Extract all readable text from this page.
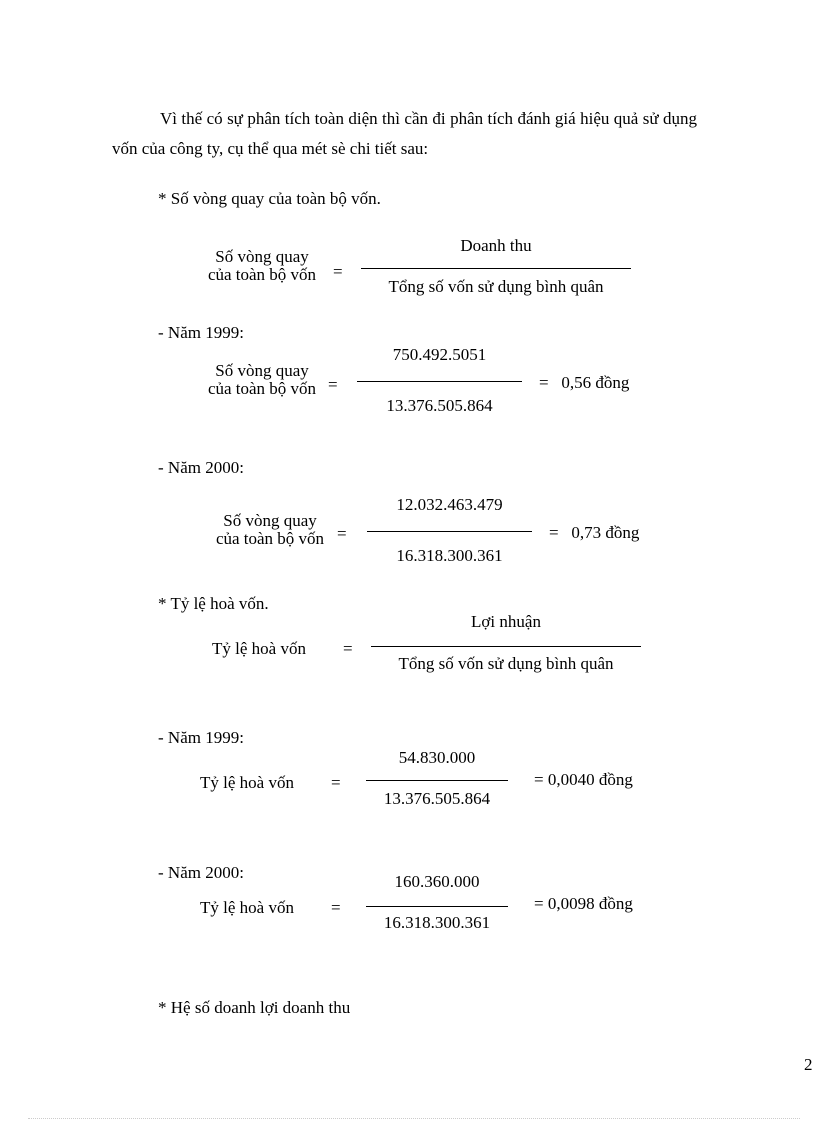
Vì thế có sự phân tích toàn diện thì cần đi phân tích đánh giá hiệu quả sử dụng vốn của công ty, cụ thể qua mét sè chi tiết sau:
* Số vòng quay của toàn bộ vốn.
Số vòng quay
của toàn bộ vốn =
Doanh thu
Tổng số vốn sử dụng bình quân
- Năm 1999:
Số vòng quay
của toàn bộ vốn =
750.492.5051
13.376.505.864
=   0,56 đồng
- Năm 2000:
Số vòng quay
của toàn bộ vốn =
12.032.463.479
16.318.300.361
=   0,73 đồng
* Tỷ lệ hoà vốn.
Tỷ lệ hoà vốn =
Lợi nhuận
Tổng số vốn sử dụng bình quân
- Năm 1999:
Tỷ lệ hoà vốn =
54.830.000
13.376.505.864
= 0,0040 đồng
- Năm 2000:
Tỷ lệ hoà vốn =
160.360.000
16.318.300.361
= 0,0098 đồng
* Hệ số doanh lợi doanh thu
2
